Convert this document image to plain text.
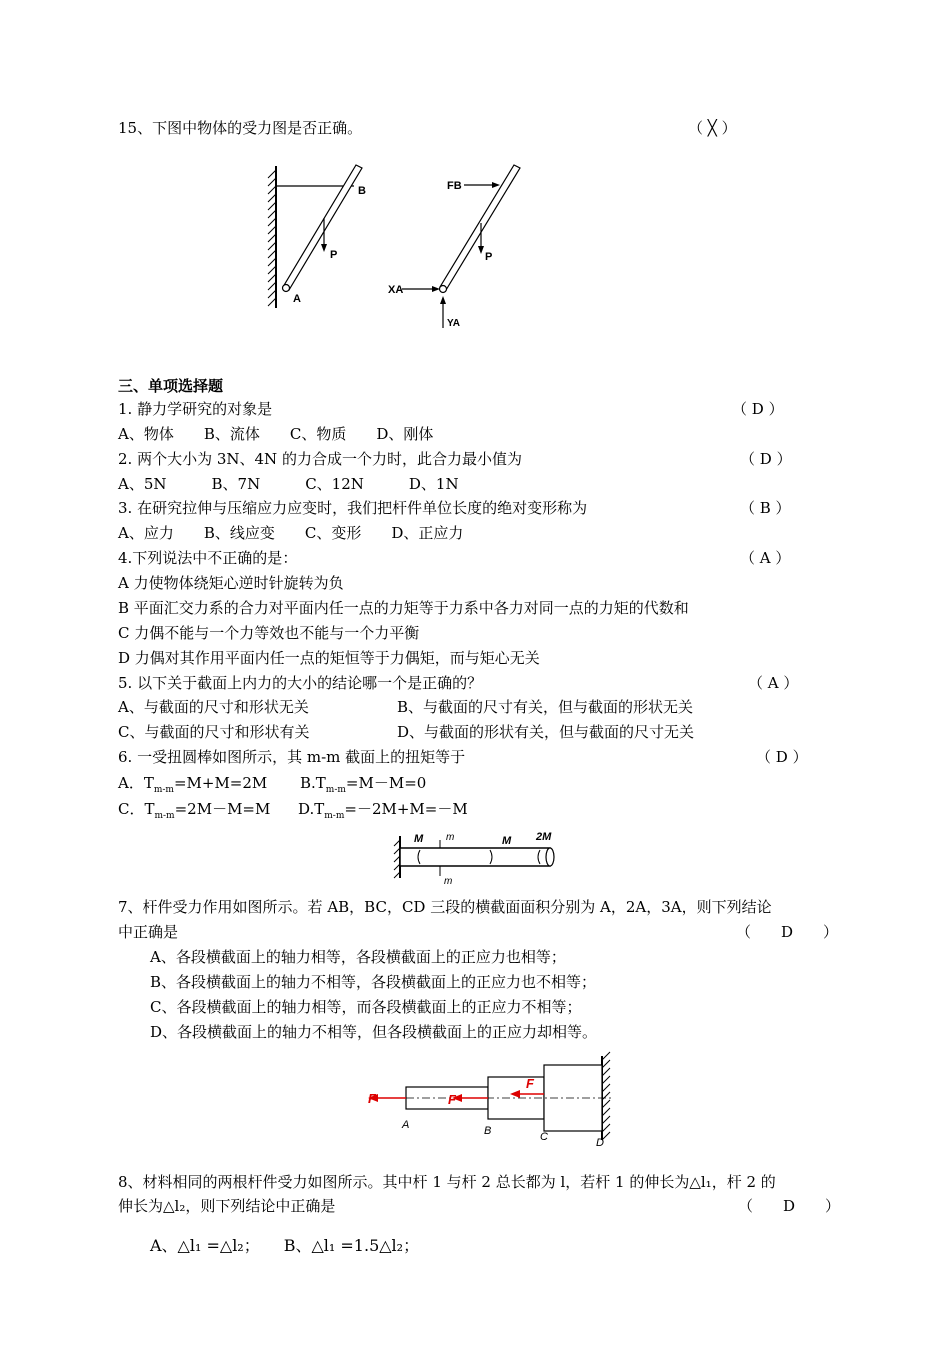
15、下图中物体的受力图是否正确。	（ ╳ ）
B
P
A
FB
P
XA
YA
三、单项选择题
1. 静力学研究的对象是	（ D ）
A、物体　　B、流体　　C、物质　　D、刚体
2. 两个大小为 3N、4N 的力合成一个力时，此合力最小值为	（ D ）
A、5N　　　B、7N　　　C、12N　　　D、1N
3. 在研究拉伸与压缩应力应变时，我们把杆件单位长度的绝对变形称为	（ B ）
A、应力　　B、线应变　　C、变形　　D、正应力
4.下列说法中不正确的是：	（ A ）
A 力使物体绕矩心逆时针旋转为负
B 平面汇交力系的合力对平面内任一点的力矩等于力系中各力对同一点的力矩的代数和
C 力偶不能与一个力等效也不能与一个力平衡
D 力偶对其作用平面内任一点的矩恒等于力偶矩，而与矩心无关
5. 以下关于截面上内力的大小的结论哪一个是正确的？	（ A ）
A、与截面的尺寸和形状无关	B、与截面的尺寸有关，但与截面的形状无关
C、与截面的尺寸和形状有关	D、与截面的形状有关，但与截面的尺寸无关
6. 一受扭圆棒如图所示，其 m-m 截面上的扭矩等于	（ D ）
A．$T_{m-m}=M+M=2M$ $B.T_{m-m}=M-M=0$
C．$T_{m-m}=2M-M=M$ $D.T_{m-m}=-2M+M=-M$
M m	M 2M
m
7、杆件受力作用如图所示。若 AB，BC，CD 三段的横截面面积分别为 A，2A，3A，则下列结论
中正确是	（　　D　　）
A、各段横截面上的轴力相等，各段横截面上的正应力也相等；
B、各段横截面上的轴力不相等，各段横截面上的正应力也不相等；
C、各段横截面上的轴力相等，而各段横截面上的正应力不相等；
D、各段横截面上的轴力不相等，但各段横截面上的正应力却相等。
F	F
F
A	B	C	D
8、材料相同的两根杆件受力如图所示。其中杆 1 与杆 2 总长都为 l，若杆 1 的伸长为△l₁，杆 2 的
伸长为△l₂，则下列结论中正确是	（　　D　　）
A、△l₁ =△l₂；　　B、△l₁ =1.5△l₂；
